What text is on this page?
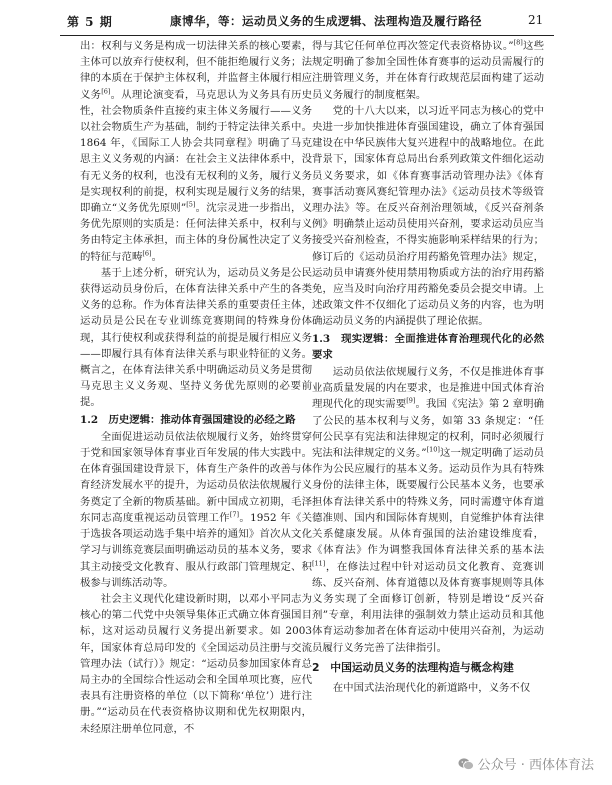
第 5 期	康博华，等：运动员义务的生成逻辑、法理构造及履行路径	21

出：权利与义务是构成一切法律关系的核心要素，主体可以放弃行使权利，但不能拒绝履行义务；法律的本质在于保护主体权利，并监督主体履行相应义务[6]。从理论演变看，马克思认为义务具有历史性，社会物质条件直接约束主体义务履行——义务以社会物质生产为基础，制约于特定法律关系中。1864 年，《国际工人协会共同章程》明确了马克思主义义务观的内涵：在社会主义法律体系中，没有无义务的权利，也没有无权利的义务，履行义务是实现权利的前提，权利实现是履行义务的结果，即确立“义务优先原则”[5]。沈宗灵进一步指出，义务优先原则的实质是：任何法律关系中，权利与义务由特定主体承担，而主体的身份属性决定了义务的特征与范畴[6]。

基于上述分析，研究认为，运动员义务是公民获得运动员身份后，在体育法律关系中产生的各类义务的总称。作为体育法律关系的重要责任主体，运动员是公民在专业训练竞赛期间的特殊身份体现，其行使权利或获得利益的前提是履行相应义务——即履行具有体育法律关系与职业特征的义务。概言之，在体育法律关系中明确运动员义务是贯彻马克思主义义务观、坚持义务优先原则的必要前提。

1.2　历史逻辑：推动体育强国建设的必经之路

全面促进运动员依法依规履行义务，始终贯穿于党和国家领导体育事业百年发展的伟大实践中。在体育强国建设背景下，体育生产条件的改善与体育经济发展水平的提升，为运动员依法依规履行义务奠定了全新的物质基础。新中国成立初期，毛泽东同志高度重视运动员管理工作[7]。1952 年《关于选拔各项运动选手集中培养的通知》首次从文化学习与训练竞赛层面明确运动员的基本义务，要求其主动接受文化教育、服从行政部门管理规定、积极参与训练活动等。

社会主义现代化建设新时期，以邓小平同志为核心的第二代党中央领导集体正式确立体育强国目标，这对运动员履行义务提出新要求。如 2003 年，国家体育总局印发的《全国运动员注册与交流管理办法（试行）》规定：“运动员参加国家体育总局主办的全国综合性运动会和全国单项比赛，应代表具有注册资格的单位（以下简称‘单位’）进行注册。”“运动员在代表资格协议期和优先权期限内，未经原注册单位同意，不

得与其它任何单位再次签定代表资格协议。”[8]这些规定明确了参加全国性体育赛事的运动员需履行的注册管理义务，并在体育行政规范层面构建了运动员义务履行的制度框架。

党的十八大以来，以习近平同志为核心的党中央进一步加快推进体育强国建设，确立了体育强国建设在中华民族伟大复兴进程中的战略地位。在此背景下，国家体育总局出台系列政策文件细化运动员义务要求，如《体育赛事活动管理办法》《体育赛事活动赛风赛纪管理办法》《运动员技术等级管理办法》等。在反兴奋剂治理领域，《反兴奋剂条例》明确禁止运动员使用兴奋剂，要求运动员应当接受兴奋剂检查，不得实施影响采样结果的行为；修订后的《运动员治疗用药豁免管理办法》规定，运动员申请赛外使用禁用物质或方法的治疗用药豁免，应当及时向治疗用药豁免委员会提交申请。上述政策文件不仅细化了运动员义务的内容，也为明确运动员义务的内涵提供了理论依据。

1.3　现实逻辑：全面推进体育治理现代化的必然要求

运动员依法依规履行义务，不仅是推进体育事业高质量发展的内在要求，也是推进中国式体育治理现代化的现实需要[9]。我国《宪法》第 2 章明确了公民的基本权利与义务，如第 33 条规定：“任何公民享有宪法和法律规定的权利，同时必须履行宪法和法律规定的义务。”[10]这一规定明确了运动员作为公民应履行的基本义务。运动员作为具有特殊身份的法律主体，既要履行公民基本义务，也要承担体育法律关系中的特殊义务，同时需遵守体育道德准则、国内和国际体育规则，自觉维护体育法律关系健康发展。从体育强国的法治建设维度看，《体育法》作为调整我国体育法律关系的基本法[11]，在修法过程中针对运动员文化教育、竞赛训练、反兴奋剂、体育道德以及体育赛事规则等具体义务实现了全面修订创新，特别是增设“反兴奋剂”专章，利用法律的强制效力禁止运动员和其他体育运动参加者在体育运动中使用兴奋剂，为运动员履行义务完善了法律指引。

2　中国运动员义务的法理构造与概念构建

在中国式法治现代化的新道路中，义务不仅

公众号 · 西体体育法
